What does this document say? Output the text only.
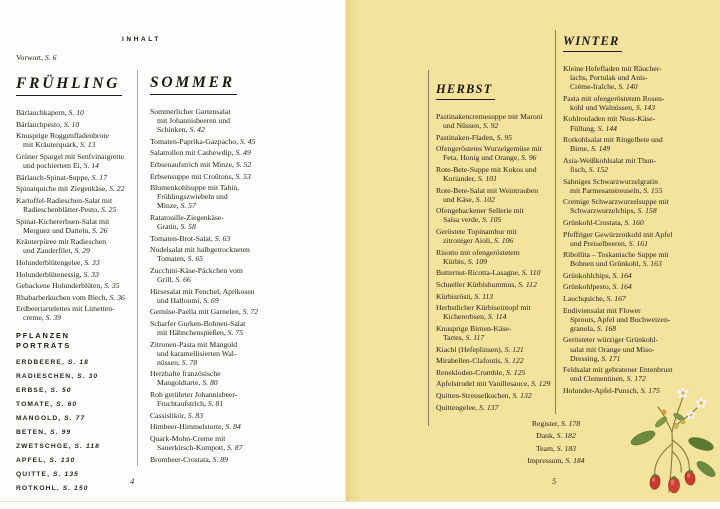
INHALT
Vorwort, S. 6
FRÜHLING
Bärlauchkapern, S. 10
Bärlauchpesto, S. 10
Knusprige Roggenfladenbrote
mit Kräuterquark, S. 13
Grüner Spargel mit Senfvinaigrette
und pochiertem Ei, S. 14
Bärlauch-Spinat-Suppe, S. 17
Spinatquiche mit Ziegenkäse, S. 22
Kartoffel-Radieschen-Salat mit
Radieschenblätter-Pesto, S. 25
Spinat-Kichererbsen-Salat mit
Merguez und Datteln, S. 26
Kräuterpüree mit Radieschen
und Zanderfilet, S. 29
Holunderblütengelee, S. 33
Holunderblütenessig, S. 33
Gebackene Holunderblüten, S. 35
Rhabarberkuchen vom Blech, S. 36
Erdbeertartelettes mit Limetten-
creme, S. 39
PFLANZEN
PORTRÄTS
ERDBEERE, S. 18
RADIESCHEN, S. 30
ERBSE, S. 50
TOMATE, S. 60
MANGOLD, S. 77
BETEN, S. 99
ZWETSCHGE, S. 118
APFEL, S. 130
QUITTE, S. 135
ROTKOHL, S. 150
SOMMER
Sommerlicher Gartensalat
mit Johannisbeeren und
Schinken, S. 42
Tomaten-Paprika-Gazpacho, S. 45
Salatrollen mit Cashewdip, S. 49
Erbsenaufstrich mit Minze, S. 52
Erbsensuppe mit Croûtons, S. 53
Blumenkohlsuppe mit Tahin,
Frühlingszwiebeln und
Minze, S. 57
Ratatouille-Ziegenkäse-
Gratin, S. 58
Tomaten-Brot-Salat, S. 63
Nudelsalat mit halbgetrockneten
Tomaten, S. 65
Zucchini-Käse-Päckchen vom
Grill, S. 66
Hirsesalat mit Fenchel, Aprikosen
und Halloumi, S. 69
Gemüse-Paella mit Garnelen, S. 72
Scharfer Gurken-Bohnen-Salat
mit Hähnchenspießen, S. 75
Zitronen-Pasta mit Mangold
und karamellisierten Wal-
nüssen, S. 78
Herzhafte französische
Mangoldtarte, S. 80
Roh gerührter Johannisbeer-
Fruchtaufstrich, S. 81
Cassislikör, S. 83
Himbeer-Himmelstorte, S. 84
Quark-Mohn-Creme mit
Sauerkirsch-Kompott, S. 87
Brombeer-Crostata, S. 89
HERBST
Pastinakencremesuppe mit Maroni
und Nüssen, S. 92
Pastinaken-Fladen, S. 95
Ofengeröstetes Wurzelgemüse mit
Feta, Honig und Orange, S. 96
Rote-Bete-Suppe mit Kokos und
Koriander, S. 101
Rote-Bete-Salat mit Weintrauben
und Käse, S. 102
Ofengebackener Sellerie mit
Salsa verde, S. 105
Geröstete Topinambur mit
zitroniger Aioli, S. 106
Risotto mit ofengeröstetem
Kürbis, S. 109
Butternut-Ricotta-Lasagne, S. 110
Schneller Kürbishummus, S. 112
Kürbisrösti, S. 113
Herbstlicher Kürbiseintopf mit
Kichererbsen, S. 114
Knusprige Birnen-Käse-
Tartes, S. 117
Kiachl (Hefeplinsen), S. 121
Mirabellen-Clafoutis, S. 122
Renekloden-Crumble, S. 125
Apfelstrudel mit Vanillesauce, S. 129
Quitten-Streuselkuchen, S. 132
Quittengelee, S. 137
WINTER
Kleine Hefefladen mit Räucher-
lachs, Portulak und Anis-
Crème-fraîche, S. 140
Pasta mit ofengeröstetem Rosen-
kohl und Walnüssen, S. 143
Kohlrouladen mit Nuss-Käse-
Füllung, S. 144
Rotkohlsalat mit Ringelbete und
Birne, S. 149
Asia-Weißkohlsalat mit Thun-
fisch, S. 152
Sahniges Schwarzwurzelgratin
mit Parmesanstreuseln, S. 155
Cremige Schwarzwurzelsuppe mit
Schwarzwurzelchips, S. 158
Grünkohl-Crostata, S. 160
Pfeffriger Gewürzrotkohl mit Apfel
und Preiselbeeren, S. 161
Ribollita – Toskanische Suppe mit
Bohnen und Grünkohl, S. 163
Grünkohlchips, S. 164
Grünkohlpesto, S. 164
Lauchquiche, S. 167
Endiviensalat mit Flower
Sprouts, Apfel und Buchweizen-
granola, S. 168
Gerösteter würziger Grünkohl-
salat mit Orange und Miso-
Dressing, S. 171
Feldsalat mit gebratener Entenbrust
und Clementinen, S. 172
Holunder-Apfel-Punsch, S. 175
Register, S. 178
Dank, S. 182
Team, S. 183
Impressum, S. 184
4	5
